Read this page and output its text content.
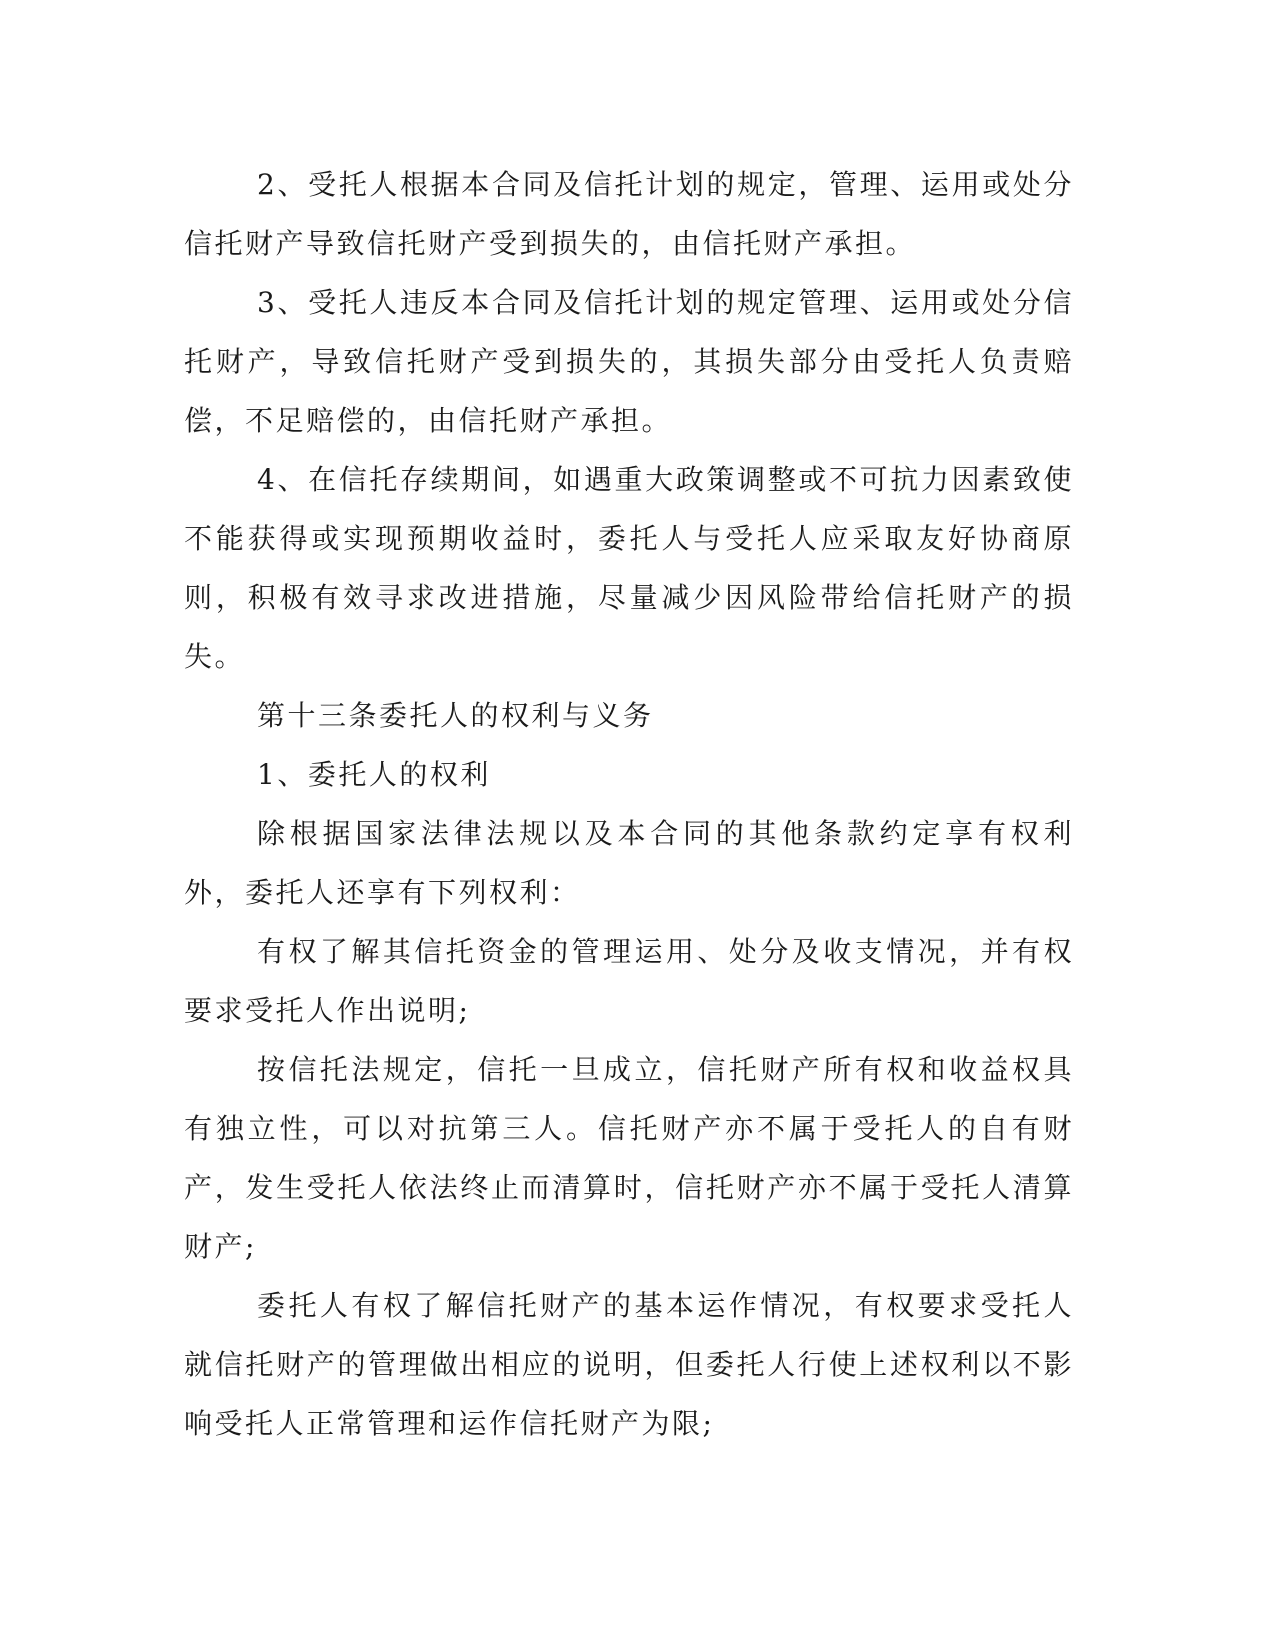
2、受托人根据本合同及信托计划的规定，管理、运用或处分信托财产导致信托财产受到损失的，由信托财产承担。

3、受托人违反本合同及信托计划的规定管理、运用或处分信托财产，导致信托财产受到损失的，其损失部分由受托人负责赔偿，不足赔偿的，由信托财产承担。

4、在信托存续期间，如遇重大政策调整或不可抗力因素致使不能获得或实现预期收益时，委托人与受托人应采取友好协商原则，积极有效寻求改进措施，尽量减少因风险带给信托财产的损失。

第十三条委托人的权利与义务

1、委托人的权利

除根据国家法律法规以及本合同的其他条款约定享有权利外，委托人还享有下列权利：

有权了解其信托资金的管理运用、处分及收支情况，并有权要求受托人作出说明;

按信托法规定，信托一旦成立，信托财产所有权和收益权具有独立性，可以对抗第三人。信托财产亦不属于受托人的自有财产，发生受托人依法终止而清算时，信托财产亦不属于受托人清算财产;

委托人有权了解信托财产的基本运作情况，有权要求受托人就信托财产的管理做出相应的说明，但委托人行使上述权利以不影响受托人正常管理和运作信托财产为限;
